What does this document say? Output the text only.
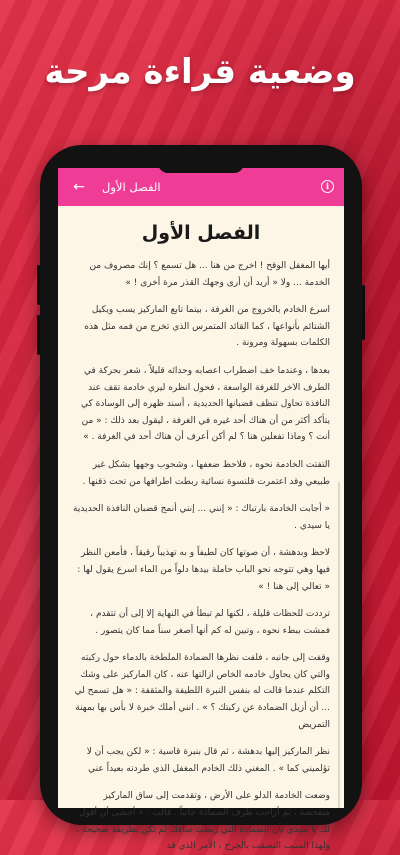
وضعية قراءة مرحة
← الفصل الأول	i
الفصل الأول

أيها المغفل الوقح ! اخرج من هنا ... هل تسمع ؟ إنك مصروف من الخدمة ... ولا « أريد أن أرى وجهك القذر مرة أخرى ! »

اسرع الخادم بالخروج من الغرفة ، بينما تابع الماركيز يسب ويكيل الشتائم بأنواعها ، كما القائد المتمرس الذي تخرج من فمه مثل هذه الكلمات بسهولة ومرونة .

بعدها ، وعندما خف اضطراب اعصابه وحدائه قليلاً ، شعر بحركة في الطرف الاخر للغرفة الواسعة ، فحول انظره ليري خادمة تقف عند النافذة تحاول تنظف قضبانها الحديدية ، أسند ظهره إلى الوسادة كي يتأكد أكثر من أن هناك أحد غيره في الغرفة ، ليقول بعد ذلك : « من أنت ؟ وماذا تفعلين هنا ؟ لم أكن أعرف أن هناك أحد في الغرفة . »

التفتت الخادمة نحوه ، فلاحظ ضعفها ، وشحوب وجهها بشكل غير طبيعي وقد اعتمرت قلنسوة نسائية ربطت اطرافها من تحت ذقنها .

« أجابت الخادمة بارتباك : « إنني ... إنني أنمج قضبان النافذة الحديدية يا سيدي .

لاحظ وبدهشة ، أن صوتها كان لطيفاً و به تهذيباً رقيقاً ، فأمعن النظر فيها وهي تتوجه نحو الباب حاملة بيدها دلواً من الماء اسرع يقول لها : « تعالي إلى هنا ! »

ترددت للحظات قليلة ، لكنها لم تبطأ في النهاية إلا إلى أن تتقدم ، فمشت ببطء نحوه ، وتبين له كم أنها أصغر سناً مما كان يتصور .

وقفت إلى جانبه ، فلفت نظرها الضمادة الملطخة بالدماء حول ركبته والتي كان يحاول خادمه الخاص ازالتها عنه ، كان الماركيز على وشك التكلم عندما قالت له بنفس النبرة اللطيفة والمثقفة : « هل تسمح لي ... أن أزيل الضمادة عن ركبتك ؟ » . انني أملك خبرة لا بأس بها بمهنة التمريض

نظر الماركيز إليها بدهشة ، ثم قال بنبرة قاسية : « لكن يجب أن لا تؤلميني كما » . المغني ذلك الخادم المغفل الذي طردته بعيداً عني

وضعت الخادمة الدلو على الأرض ، وتقدمت إلى ساق الماركيز متفحصة ، ثم أزاحت طرف الضمادة جانباً . قالت : « أخشى أن أقول لك يا سيدي بأن الضمادة التي ربطت ساقك لم تكن بطريقة صحيحة ، ولهذا السبب التصقت بالجرح ، الأمر الذي قد
